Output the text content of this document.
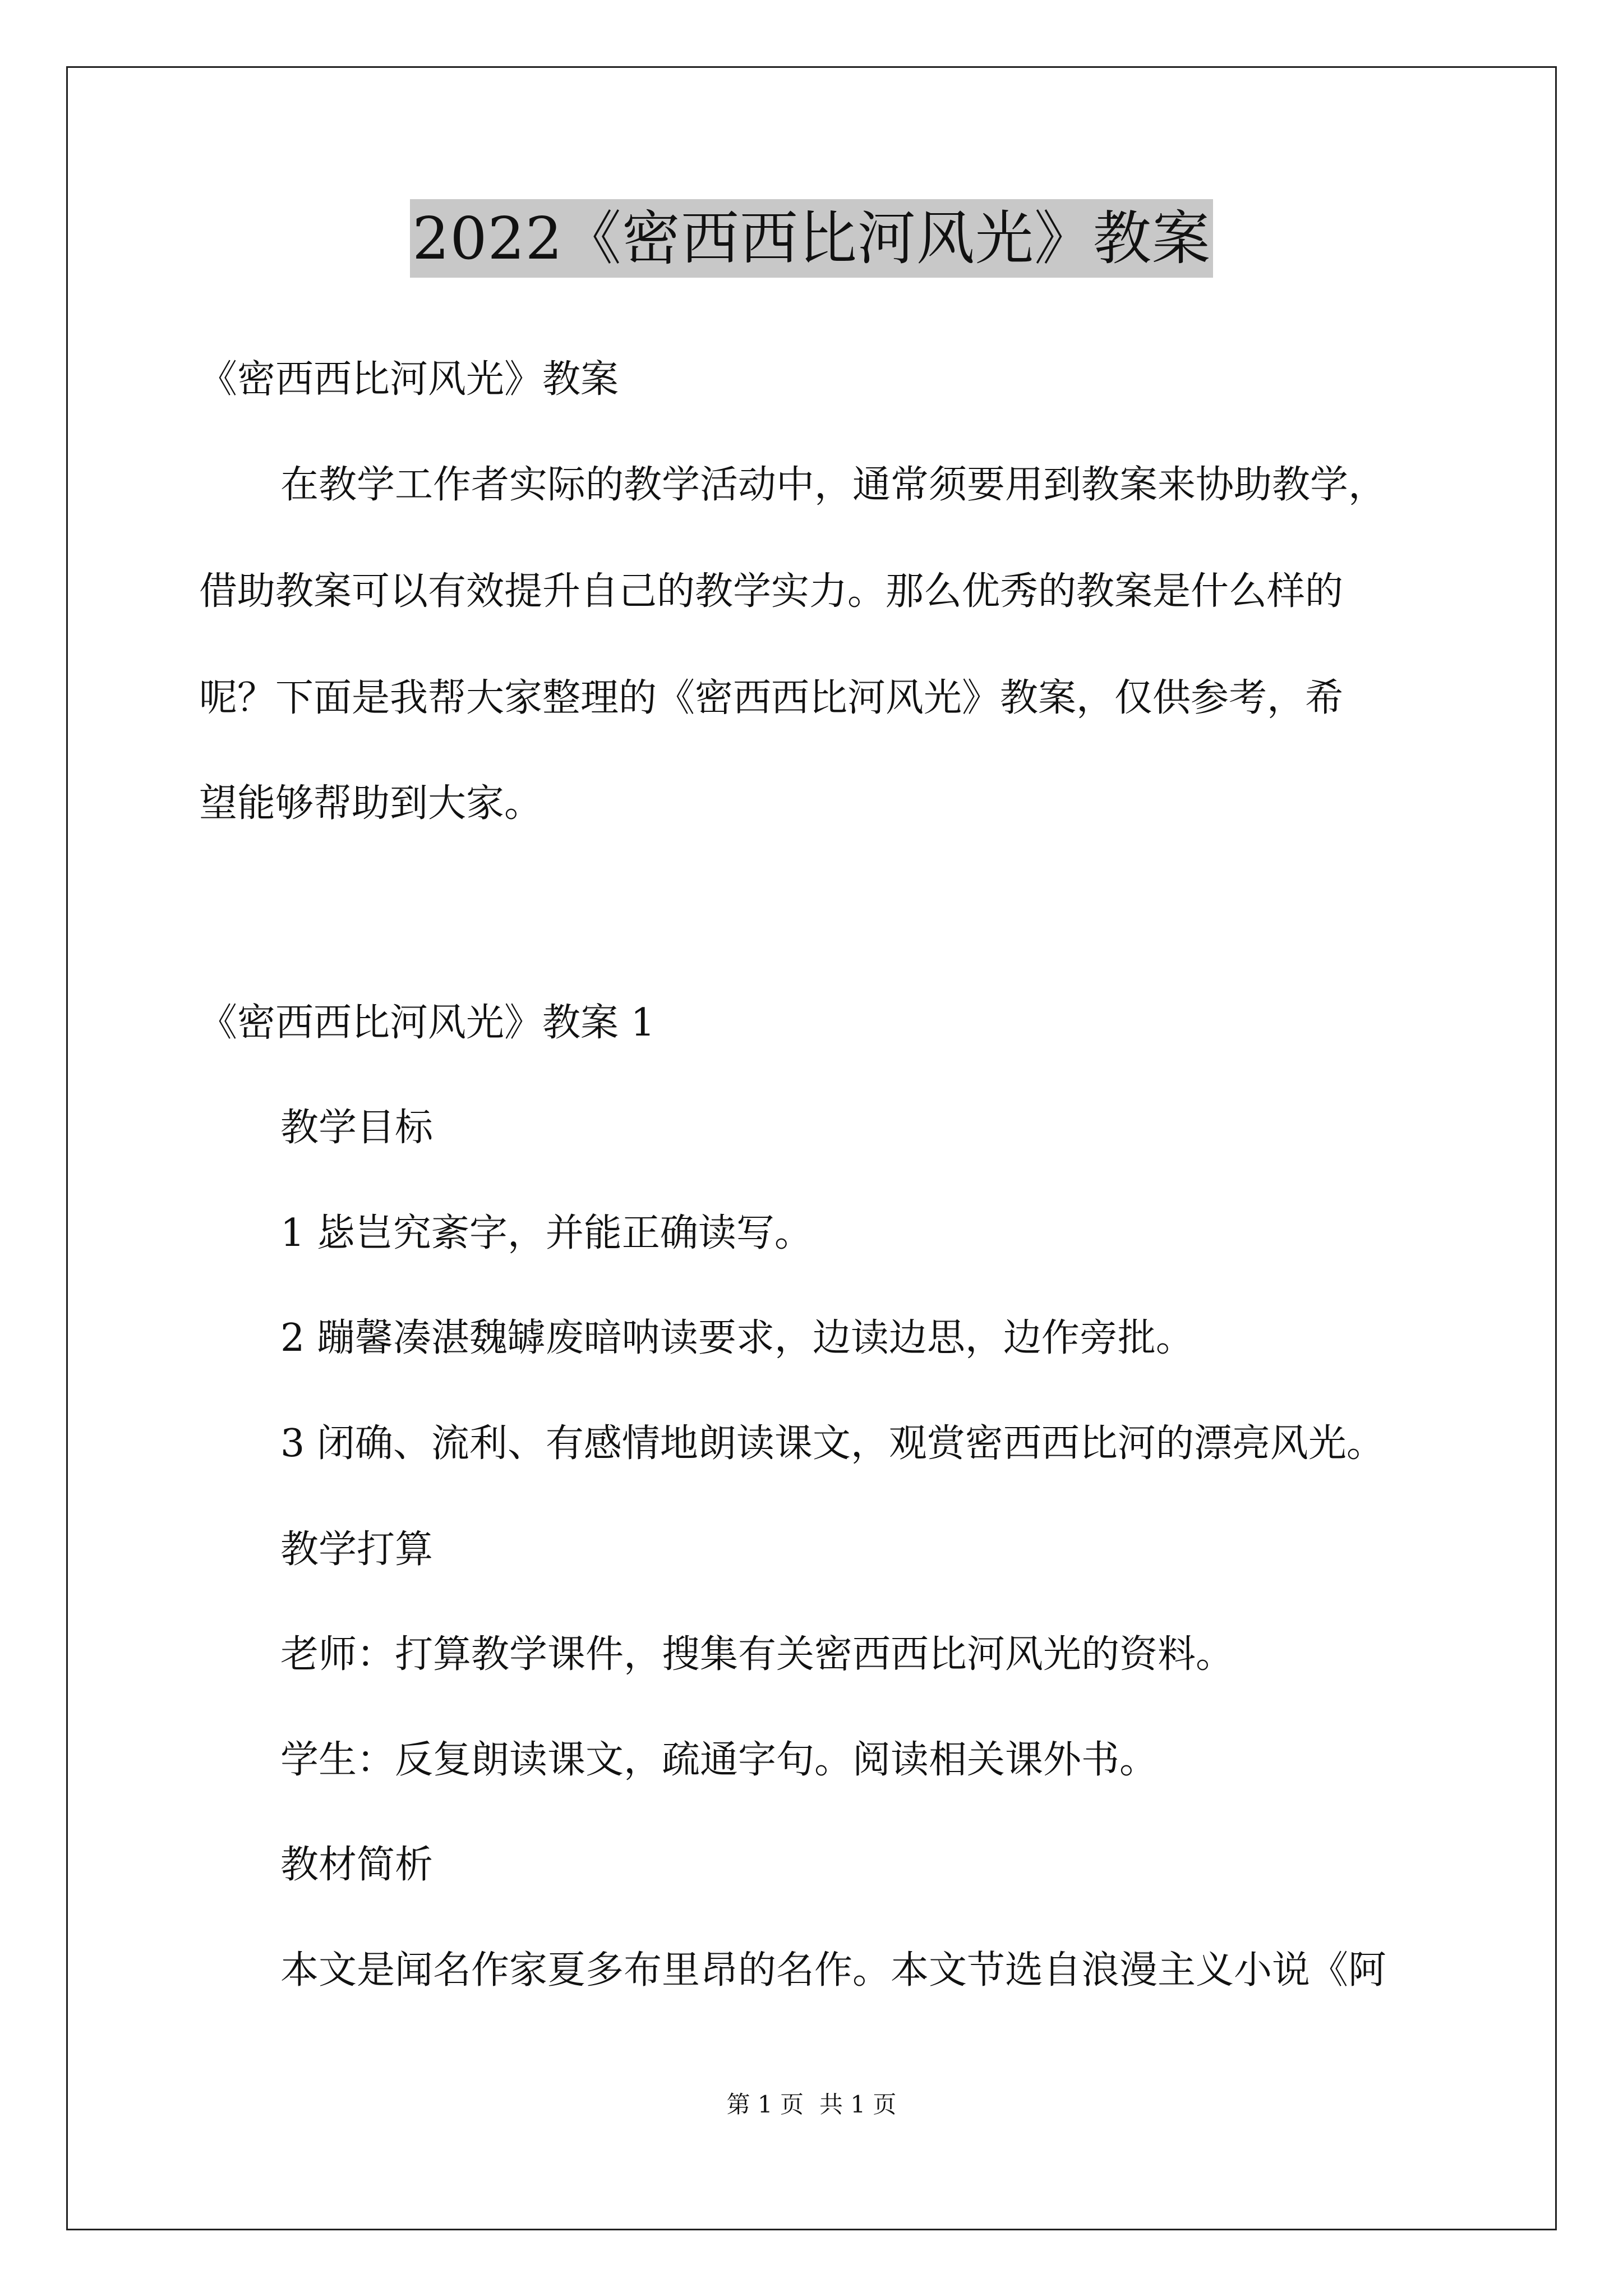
2022《密西西比河风光》教案
《密西西比河风光》教案
在教学工作者实际的教学活动中，通常须要用到教案来协助教学，
借助教案可以有效提升自己的教学实力。那么优秀的教案是什么样的
呢？下面是我帮大家整理的《密西西比河风光》教案，仅供参考，希
望能够帮助到大家。
《密西西比河风光》教案 1
教学目标
1 毖岂究紊字，并能正确读写。
2 蹦馨凑湛魏罅废暗呐读要求，边读边思，边作旁批。
3 闭确、流利、有感情地朗读课文，观赏密西西比河的漂亮风光。
教学打算
老师：打算教学课件，搜集有关密西西比河风光的资料。
学生：反复朗读课文，疏通字句。阅读相关课外书。
教材简析
本文是闻名作家夏多布里昂的名作。本文节选自浪漫主义小说《阿
第 1 页 共 1 页
